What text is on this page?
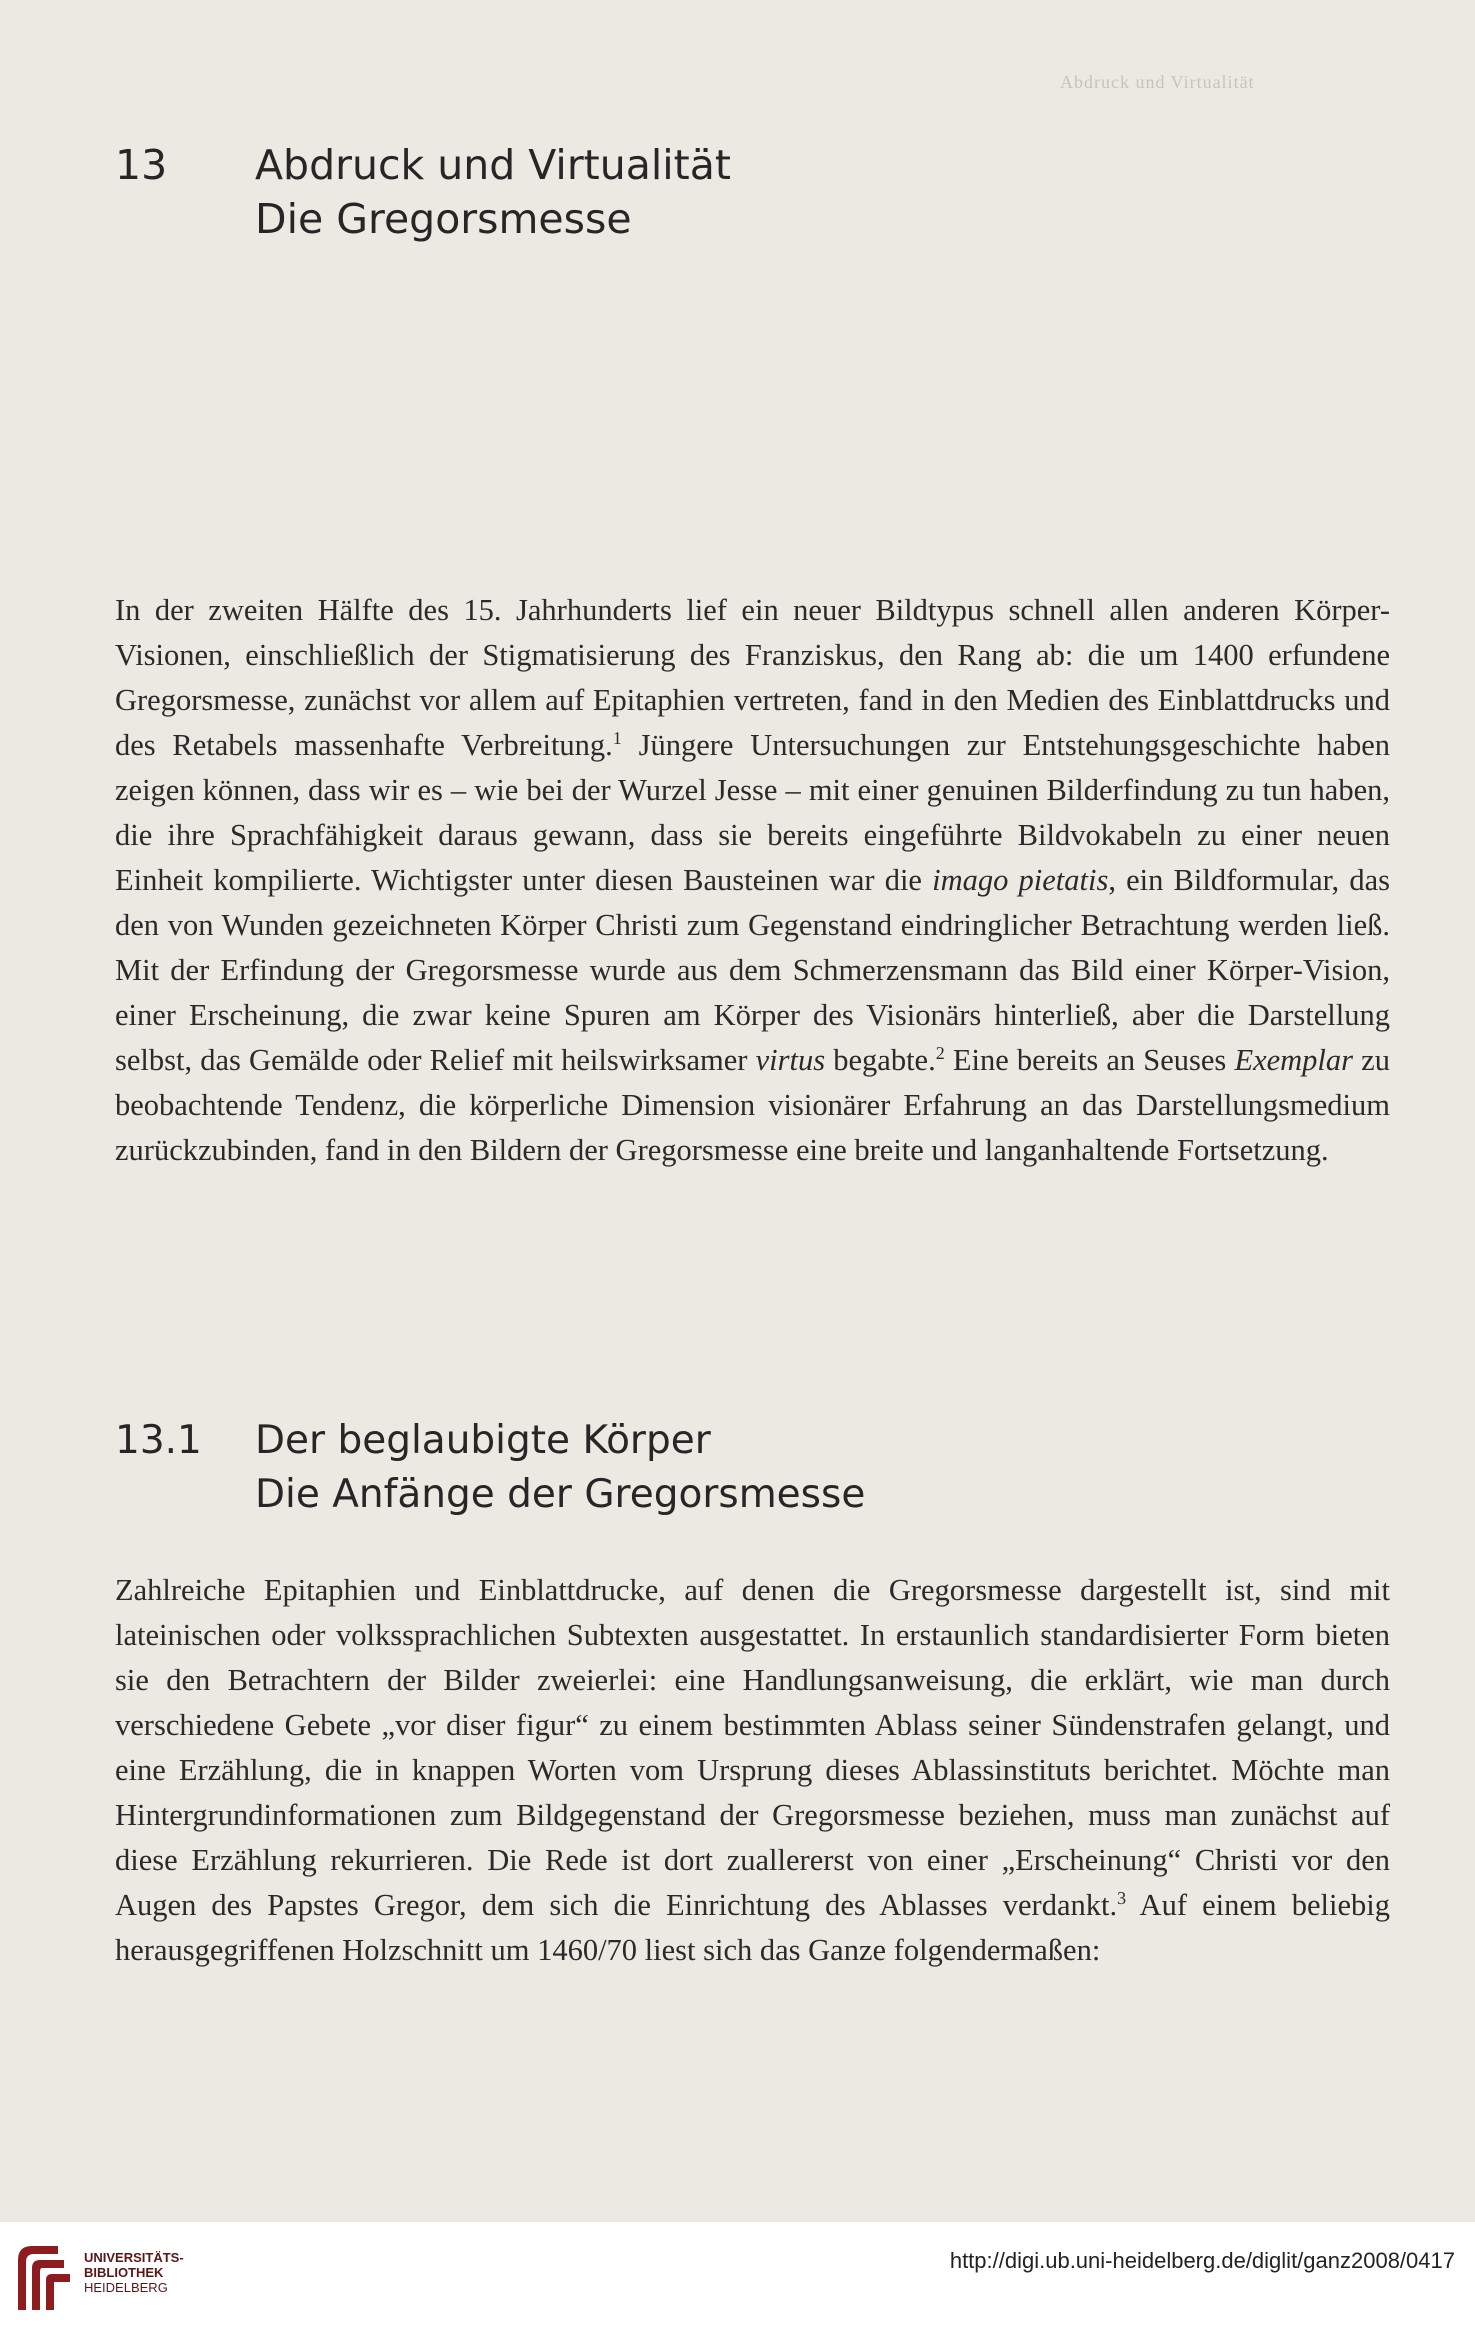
Abdruck und Virtualität
13 Abdruck und Virtualität
Die Gregorsmesse

In der zweiten Hälfte des 15. Jahrhunderts lief ein neuer Bildtypus schnell allen anderen Körper-Visionen, einschließlich der Stigmatisierung des Franziskus, den Rang ab: die um 1400 erfundene Gregorsmesse, zunächst vor allem auf Epitaphien vertreten, fand in den Medien des Einblattdrucks und des Retabels massenhafte Verbreitung.$^1$ Jüngere Untersuchungen zur Entstehungsgeschichte haben zeigen können, dass wir es – wie bei der Wurzel Jesse – mit einer genuinen Bilderfindung zu tun haben, die ihre Sprachfähigkeit daraus gewann, dass sie bereits eingeführte Bildvokabeln zu einer neuen Einheit kompilierte. Wichtigster unter diesen Bausteinen war die imago pietatis, ein Bildformular, das den von Wunden gezeichneten Körper Christi zum Gegenstand eindringlicher Betrachtung werden ließ. Mit der Erfindung der Gregorsmesse wurde aus dem Schmerzensmann das Bild einer Körper-Vision, einer Erscheinung, die zwar keine Spuren am Körper des Visionärs hinterließ, aber die Darstellung selbst, das Gemälde oder Relief mit heilswirksamer virtus begabte.$^2$ Eine bereits an Seuses Exemplar zu beobachtende Tendenz, die körperliche Dimension visionärer Erfahrung an das Darstellungsmedium zurückzubinden, fand in den Bildern der Gregorsmesse eine breite und langanhaltende Fortsetzung.

13.1 Der beglaubigte Körper
Die Anfänge der Gregorsmesse

Zahlreiche Epitaphien und Einblattdrucke, auf denen die Gregorsmesse dargestellt ist, sind mit lateinischen oder volkssprachlichen Subtexten ausgestattet. In erstaunlich standardisierter Form bieten sie den Betrachtern der Bilder zweierlei: eine Handlungsanweisung, die erklärt, wie man durch verschiedene Gebete „vor diser figur“ zu einem bestimmten Ablass seiner Sündenstrafen gelangt, und eine Erzählung, die in knappen Worten vom Ursprung dieses Ablassinstituts berichtet. Möchte man Hintergrundinformationen zum Bildgegenstand der Gregorsmesse beziehen, muss man zunächst auf diese Erzählung rekurrieren. Die Rede ist dort zuallererst von einer „Erscheinung“ Christi vor den Augen des Papstes Gregor, dem sich die Einrichtung des Ablasses verdankt.$^3$ Auf einem beliebig herausgegriffenen Holzschnitt um 1460/70 liest sich das Ganze folgendermaßen:

UNIVERSITÄTS-
BIBLIOTHEK
HEIDELBERG
http://digi.ub.uni-heidelberg.de/diglit/ganz2008/0417
